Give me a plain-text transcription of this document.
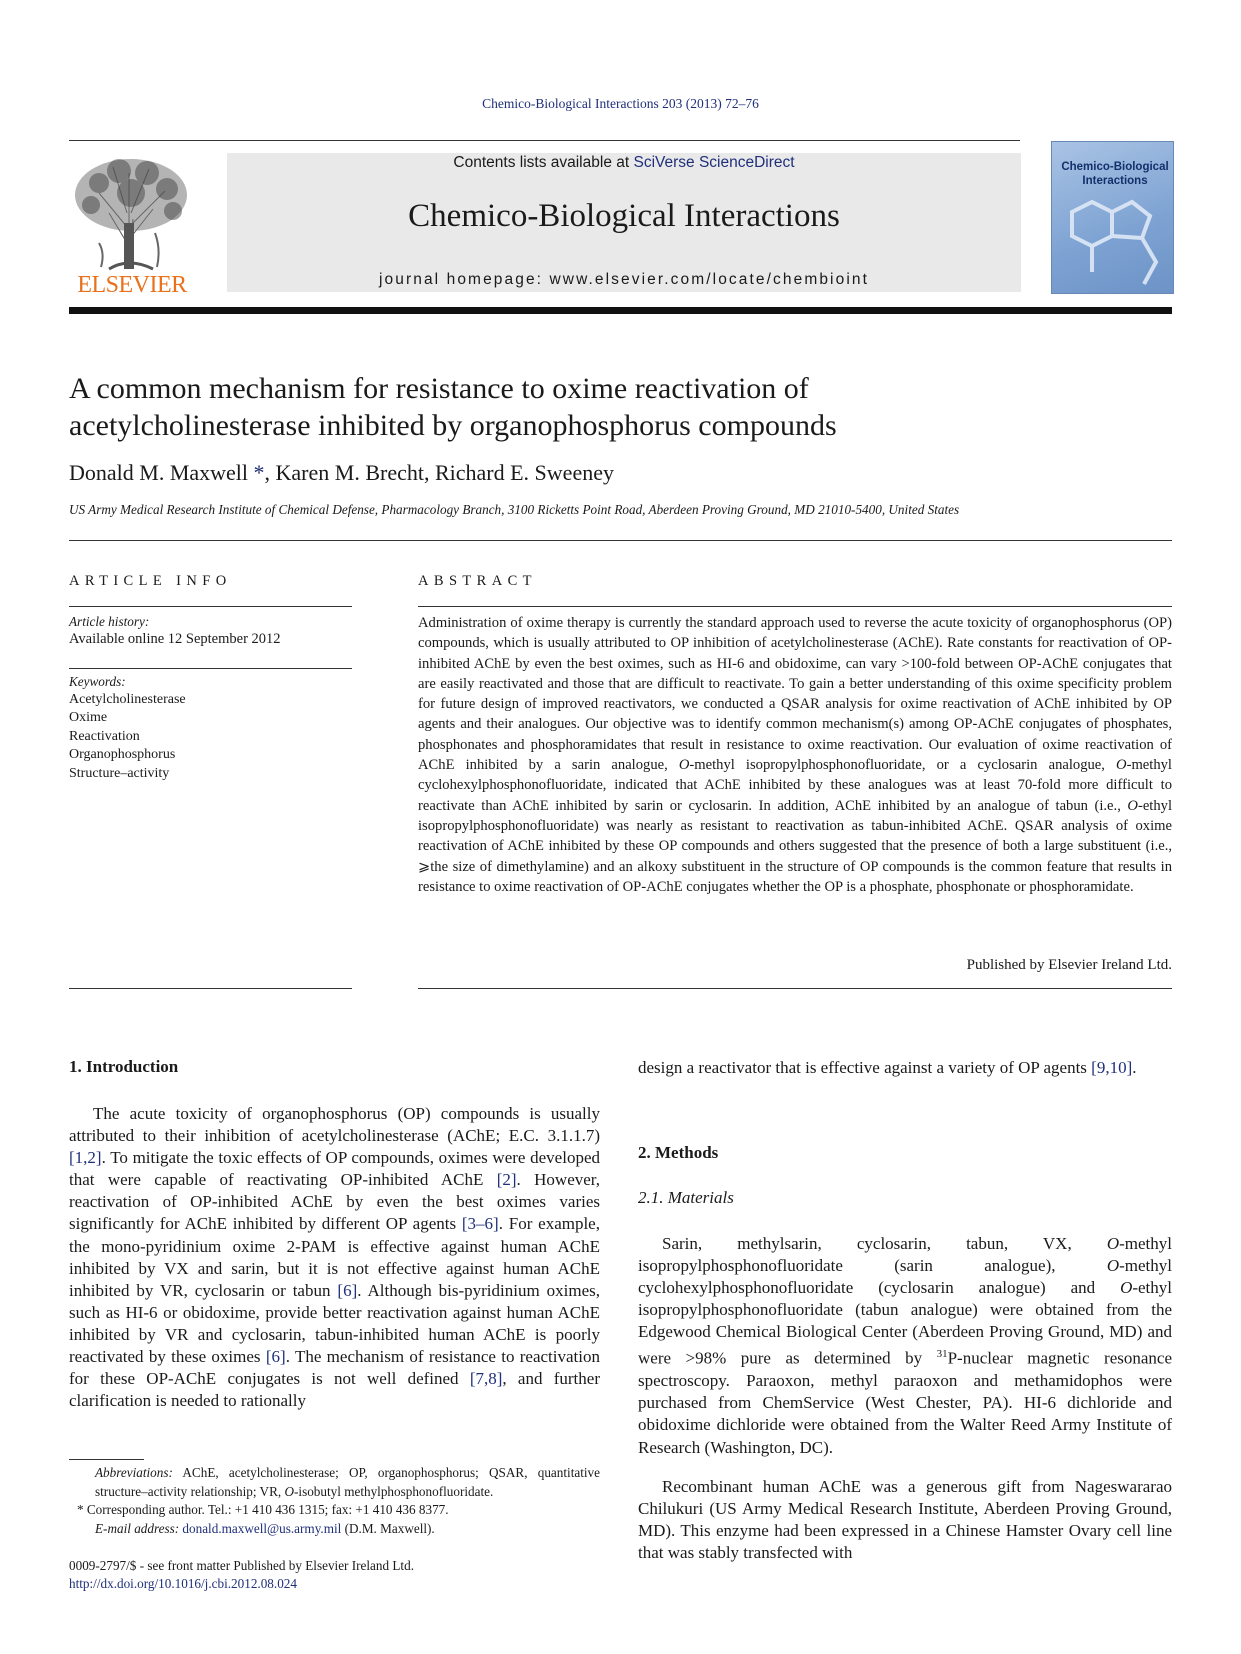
Chemico-Biological Interactions 203 (2013) 72–76
ELSEVIER
Contents lists available at SciVerse ScienceDirect
Chemico-Biological Interactions
journal homepage: www.elsevier.com/locate/chembioint
Chemico-Biological Interactions
A common mechanism for resistance to oxime reactivation of
acetylcholinesterase inhibited by organophosphorus compounds
Donald M. Maxwell *, Karen M. Brecht, Richard E. Sweeney
US Army Medical Research Institute of Chemical Defense, Pharmacology Branch, 3100 Ricketts Point Road, Aberdeen Proving Ground, MD 21010-5400, United States
ARTICLE INFO	ABSTRACT
Article history:
Available online 12 September 2012
Keywords:
Acetylcholinesterase
Oxime
Reactivation
Organophosphorus
Structure–activity
Administration of oxime therapy is currently the standard approach used to reverse the acute toxicity of organophosphorus (OP) compounds, which is usually attributed to OP inhibition of acetylcholinesterase (AChE). Rate constants for reactivation of OP-inhibited AChE by even the best oximes, such as HI-6 and obidoxime, can vary >100-fold between OP-AChE conjugates that are easily reactivated and those that are difficult to reactivate. To gain a better understanding of this oxime specificity problem for future design of improved reactivators, we conducted a QSAR analysis for oxime reactivation of AChE inhibited by OP agents and their analogues. Our objective was to identify common mechanism(s) among OP-AChE conjugates of phosphates, phosphonates and phosphoramidates that result in resistance to oxime reactivation. Our evaluation of oxime reactivation of AChE inhibited by a sarin analogue, O-methyl isopropylphosphonofluoridate, or a cyclosarin analogue, O-methyl cyclohexylphosphonofluoridate, indicated that AChE inhibited by these analogues was at least 70-fold more difficult to reactivate than AChE inhibited by sarin or cyclosarin. In addition, AChE inhibited by an analogue of tabun (i.e., O-ethyl isopropylphosphonofluoridate) was nearly as resistant to reactivation as tabun-inhibited AChE. QSAR analysis of oxime reactivation of AChE inhibited by these OP compounds and others suggested that the presence of both a large substituent (i.e., ⩾the size of dimethylamine) and an alkoxy substituent in the structure of OP compounds is the common feature that results in resistance to oxime reactivation of OP-AChE conjugates whether the OP is a phosphate, phosphonate or phosphoramidate.
Published by Elsevier Ireland Ltd.
1. Introduction
The acute toxicity of organophosphorus (OP) compounds is usually attributed to their inhibition of acetylcholinesterase (AChE; E.C. 3.1.1.7) [1,2]. To mitigate the toxic effects of OP compounds, oximes were developed that were capable of reactivating OP-inhibited AChE [2]. However, reactivation of OP-inhibited AChE by even the best oximes varies significantly for AChE inhibited by different OP agents [3–6]. For example, the mono-pyridinium oxime 2-PAM is effective against human AChE inhibited by VX and sarin, but it is not effective against human AChE inhibited by VR, cyclosarin or tabun [6]. Although bis-pyridinium oximes, such as HI-6 or obidoxime, provide better reactivation against human AChE inhibited by VR and cyclosarin, tabun-inhibited human AChE is poorly reactivated by these oximes [6]. The mechanism of resistance to reactivation for these OP-AChE conjugates is not well defined [7,8], and further clarification is needed to rationally
design a reactivator that is effective against a variety of OP agents [9,10].
2. Methods
2.1. Materials
Sarin, methylsarin, cyclosarin, tabun, VX, O-methyl isopropylphosphonofluoridate (sarin analogue), O-methyl cyclohexylphosphonofluoridate (cyclosarin analogue) and O-ethyl isopropylphosphonofluoridate (tabun analogue) were obtained from the Edgewood Chemical Biological Center (Aberdeen Proving Ground, MD) and were >98% pure as determined by $^{31}$P-nuclear magnetic resonance spectroscopy. Paraoxon, methyl paraoxon and methamidophos were purchased from ChemService (West Chester, PA). HI-6 dichloride and obidoxime dichloride were obtained from the Walter Reed Army Institute of Research (Washington, DC).
Recombinant human AChE was a generous gift from Nageswararao Chilukuri (US Army Medical Research Institute, Aberdeen Proving Ground, MD). This enzyme had been expressed in a Chinese Hamster Ovary cell line that was stably transfected with
Abbreviations: AChE, acetylcholinesterase; OP, organophosphorus; QSAR, quantitative structure–activity relationship; VR, O-isobutyl methylphosphonofluoridate.
* Corresponding author. Tel.: +1 410 436 1315; fax: +1 410 436 8377.
E-mail address: donald.maxwell@us.army.mil (D.M. Maxwell).
0009-2797/$ - see front matter Published by Elsevier Ireland Ltd.
http://dx.doi.org/10.1016/j.cbi.2012.08.024
